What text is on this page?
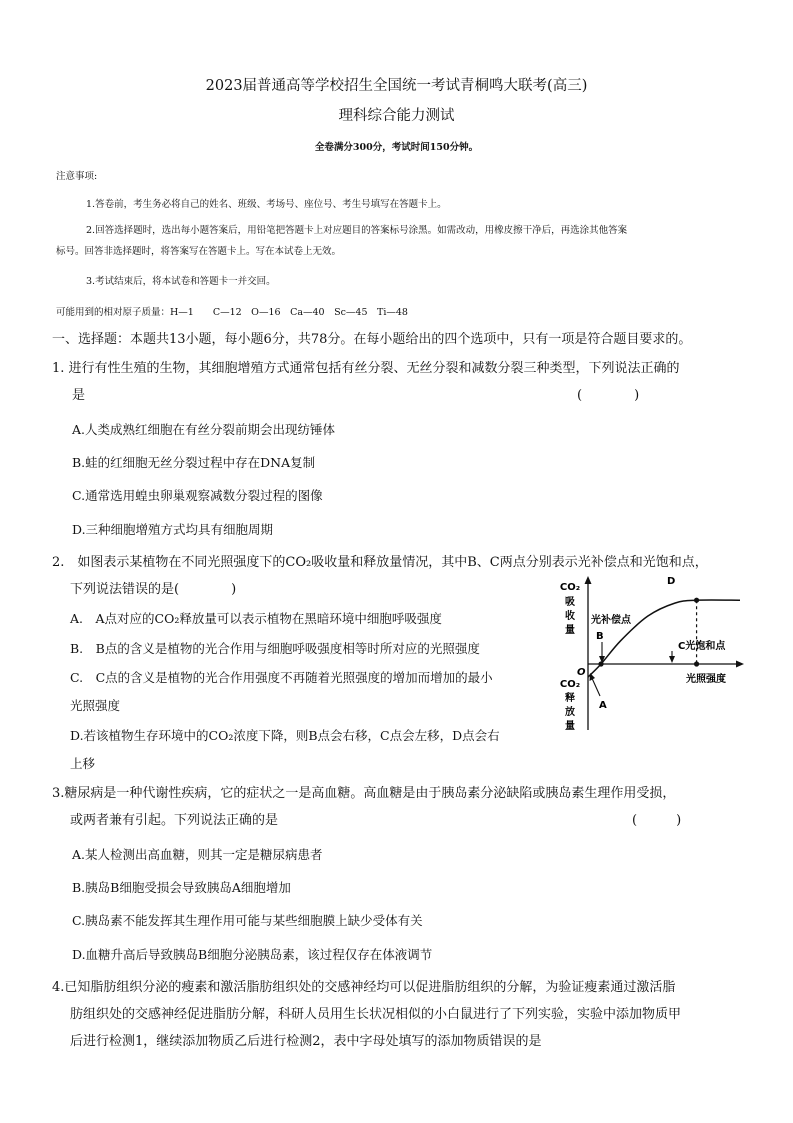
2023届普通高等学校招生全国统一考试青桐鸣大联考(高三)
理科综合能力测试
全卷满分300分，考试时间150分钟。
注意事项:
1.答卷前，考生务必将自己的姓名、班级、考场号、座位号、考生号填写在答题卡上。
2.回答选择题时，选出每小题答案后，用铅笔把答题卡上对应题目的答案标号涂黑。如需改动，用橡皮擦干净后，再选涂其他答案
标号。回答非选择题时，将答案写在答题卡上。写在本试卷上无效。
3.考试结束后，将本试卷和答题卡一并交回。
可能用到的相对原子质量：H—1　　C—12　O—16　Ca—40　Sc—45　Ti—48
一、选择题：本题共13小题，每小题6分，共78分。在每小题给出的四个选项中，只有一项是符合题目要求的。
1. 进行有性生殖的生物，其细胞增殖方式通常包括有丝分裂、无丝分裂和减数分裂三种类型，下列说法正确的
是	(　　　　)
A.人类成熟红细胞在有丝分裂前期会出现纺锤体
B.蛙的红细胞无丝分裂过程中存在DNA复制
C.通常选用蝗虫卵巢观察减数分裂过程的图像
D.三种细胞增殖方式均具有细胞周期
2.　如图表示某植物在不同光照强度下的CO₂吸收量和释放量情况，其中B、C两点分别表示光补偿点和光饱和点，
下列说法错误的是(　　　　)
A.　A点对应的CO₂释放量可以表示植物在黑暗环境中细胞呼吸强度
B.　B点的含义是植物的光合作用与细胞呼吸强度相等时所对应的光照强度
C.　C点的含义是植物的光合作用强度不再随着光照强度的增加而增加的最小
光照强度
D.若该植物生存环境中的CO₂浓度下降，则B点会右移，C点会左移，D点会右
上移
CO₂
吸
收
量
CO₂
释
放
量
光照强度
O
A
B
D
光补偿点
C光饱和点
3.糖尿病是一种代谢性疾病，它的症状之一是高血糖。高血糖是由于胰岛素分泌缺陷或胰岛素生理作用受损，
或两者兼有引起。下列说法正确的是	(　　　)
A.某人检测出高血糖，则其一定是糖尿病患者
B.胰岛B细胞受损会导致胰岛A细胞增加
C.胰岛素不能发挥其生理作用可能与某些细胞膜上缺少受体有关
D.血糖升高后导致胰岛B细胞分泌胰岛素，该过程仅存在体液调节
4.已知脂肪组织分泌的瘦素和激活脂肪组织处的交感神经均可以促进脂肪组织的分解，为验证瘦素通过激活脂
肪组织处的交感神经促进脂肪分解，科研人员用生长状况相似的小白鼠进行了下列实验，实验中添加物质甲
后进行检测1，继续添加物质乙后进行检测2，表中字母处填写的添加物质错误的是
